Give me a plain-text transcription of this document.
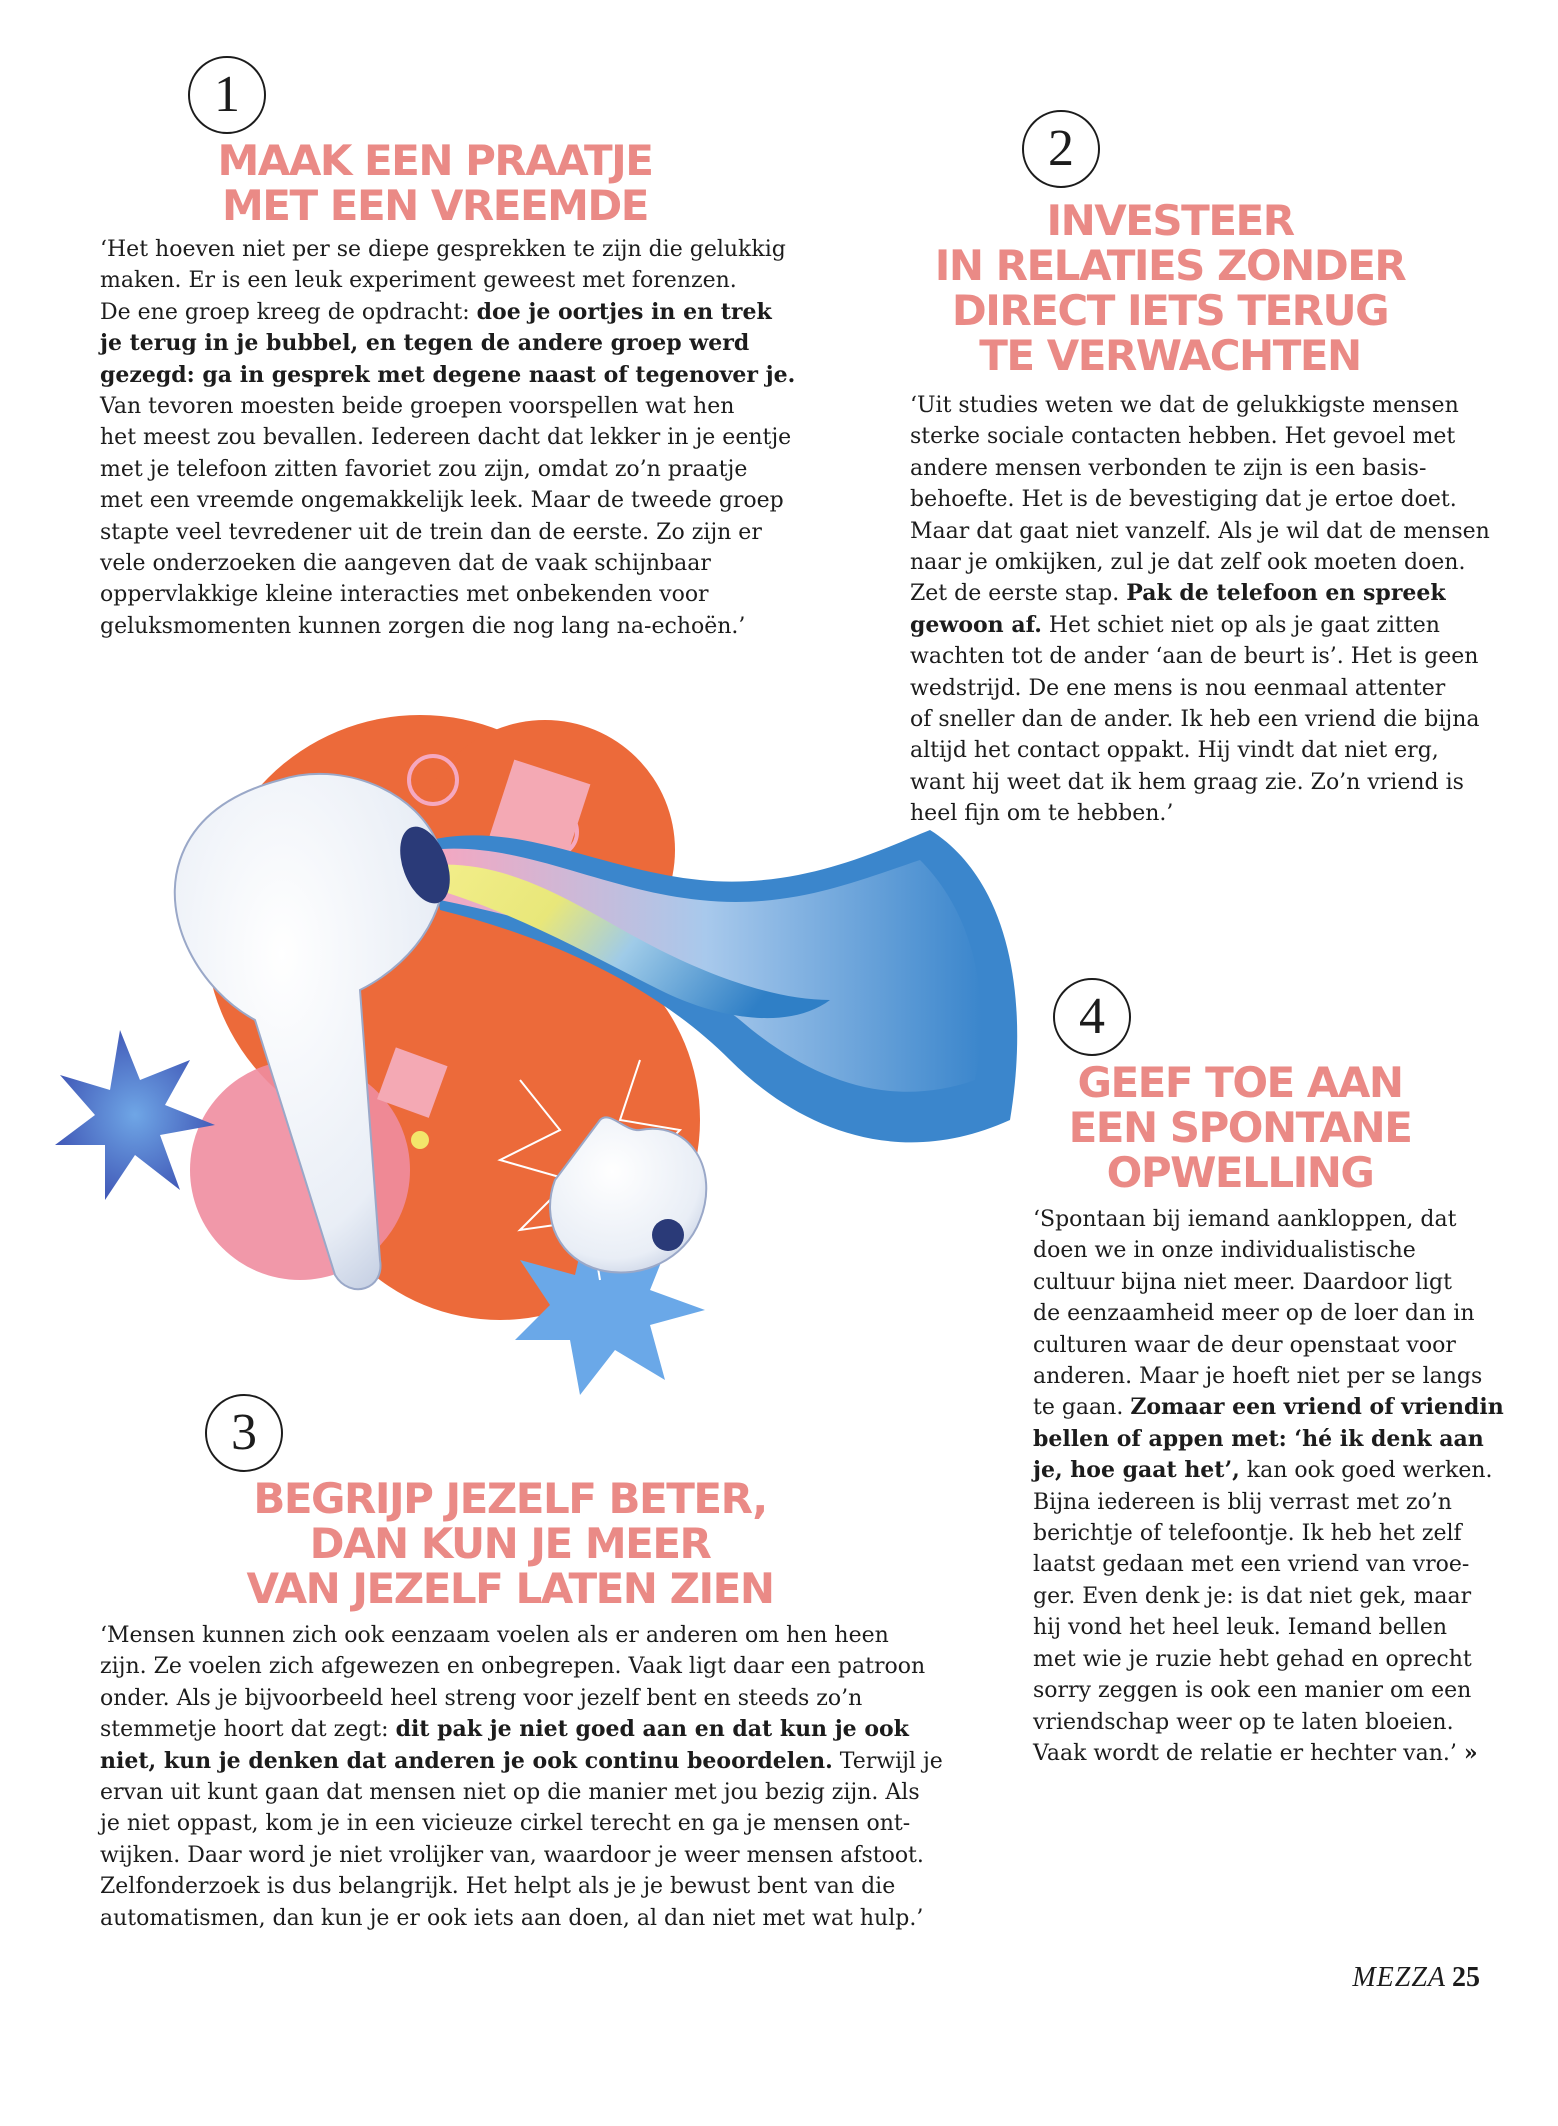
1
MAAK EEN PRAATJE
MET EEN VREEMDE
‘Het hoeven niet per se diepe gesprekken te zijn die gelukkig
maken. Er is een leuk experiment geweest met forenzen.
De ene groep kreeg de opdracht: doe je oortjes in en trek
je terug in je bubbel, en tegen de andere groep werd
gezegd: ga in gesprek met degene naast of tegenover je.
Van tevoren moesten beide groepen voorspellen wat hen
het meest zou bevallen. Iedereen dacht dat lekker in je eentje
met je telefoon zitten favoriet zou zijn, omdat zo’n praatje
met een vreemde ongemakkelijk leek. Maar de tweede groep
stapte veel tevredener uit de trein dan de eerste. Zo zijn er
vele onderzoeken die aangeven dat de vaak schijnbaar
oppervlakkige kleine interacties met onbekenden voor
geluksmomenten kunnen zorgen die nog lang na-echoën.’
2
INVESTEER
IN RELATIES ZONDER
DIRECT IETS TERUG
TE VERWACHTEN
‘Uit studies weten we dat de gelukkigste mensen
sterke sociale contacten hebben. Het gevoel met
andere mensen verbonden te zijn is een basis-
behoefte. Het is de bevestiging dat je ertoe doet.
Maar dat gaat niet vanzelf. Als je wil dat de mensen
naar je omkijken, zul je dat zelf ook moeten doen.
Zet de eerste stap. Pak de telefoon en spreek
gewoon af. Het schiet niet op als je gaat zitten
wachten tot de ander ‘aan de beurt is’. Het is geen
wedstrijd. De ene mens is nou eenmaal attenter
of sneller dan de ander. Ik heb een vriend die bijna
altijd het contact oppakt. Hij vindt dat niet erg,
want hij weet dat ik hem graag zie. Zo’n vriend is
heel fijn om te hebben.’
3
BEGRIJP JEZELF BETER,
DAN KUN JE MEER
VAN JEZELF LATEN ZIEN
‘Mensen kunnen zich ook eenzaam voelen als er anderen om hen heen
zijn. Ze voelen zich afgewezen en onbegrepen. Vaak ligt daar een patroon
onder. Als je bijvoorbeeld heel streng voor jezelf bent en steeds zo’n
stemmetje hoort dat zegt: dit pak je niet goed aan en dat kun je ook
niet, kun je denken dat anderen je ook continu beoordelen. Terwijl je
ervan uit kunt gaan dat mensen niet op die manier met jou bezig zijn. Als
je niet oppast, kom je in een vicieuze cirkel terecht en ga je mensen ont-
wijken. Daar word je niet vrolijker van, waardoor je weer mensen afstoot.
Zelfonderzoek is dus belangrijk. Het helpt als je je bewust bent van die
automatismen, dan kun je er ook iets aan doen, al dan niet met wat hulp.’
4
GEEF TOE AAN
EEN SPONTANE
OPWELLING
‘Spontaan bij iemand aankloppen, dat
doen we in onze individualistische
cultuur bijna niet meer. Daardoor ligt
de eenzaamheid meer op de loer dan in
culturen waar de deur openstaat voor
anderen. Maar je hoeft niet per se langs
te gaan. Zomaar een vriend of vriendin
bellen of appen met: ‘hé ik denk aan
je, hoe gaat het’, kan ook goed werken.
Bijna iedereen is blij verrast met zo’n
berichtje of telefoontje. Ik heb het zelf
laatst gedaan met een vriend van vroe-
ger. Even denk je: is dat niet gek, maar
hij vond het heel leuk. Iemand bellen
met wie je ruzie hebt gehad en oprecht
sorry zeggen is ook een manier om een
vriendschap weer op te laten bloeien.
Vaak wordt de relatie er hechter van.’ »
MEZZA 25
